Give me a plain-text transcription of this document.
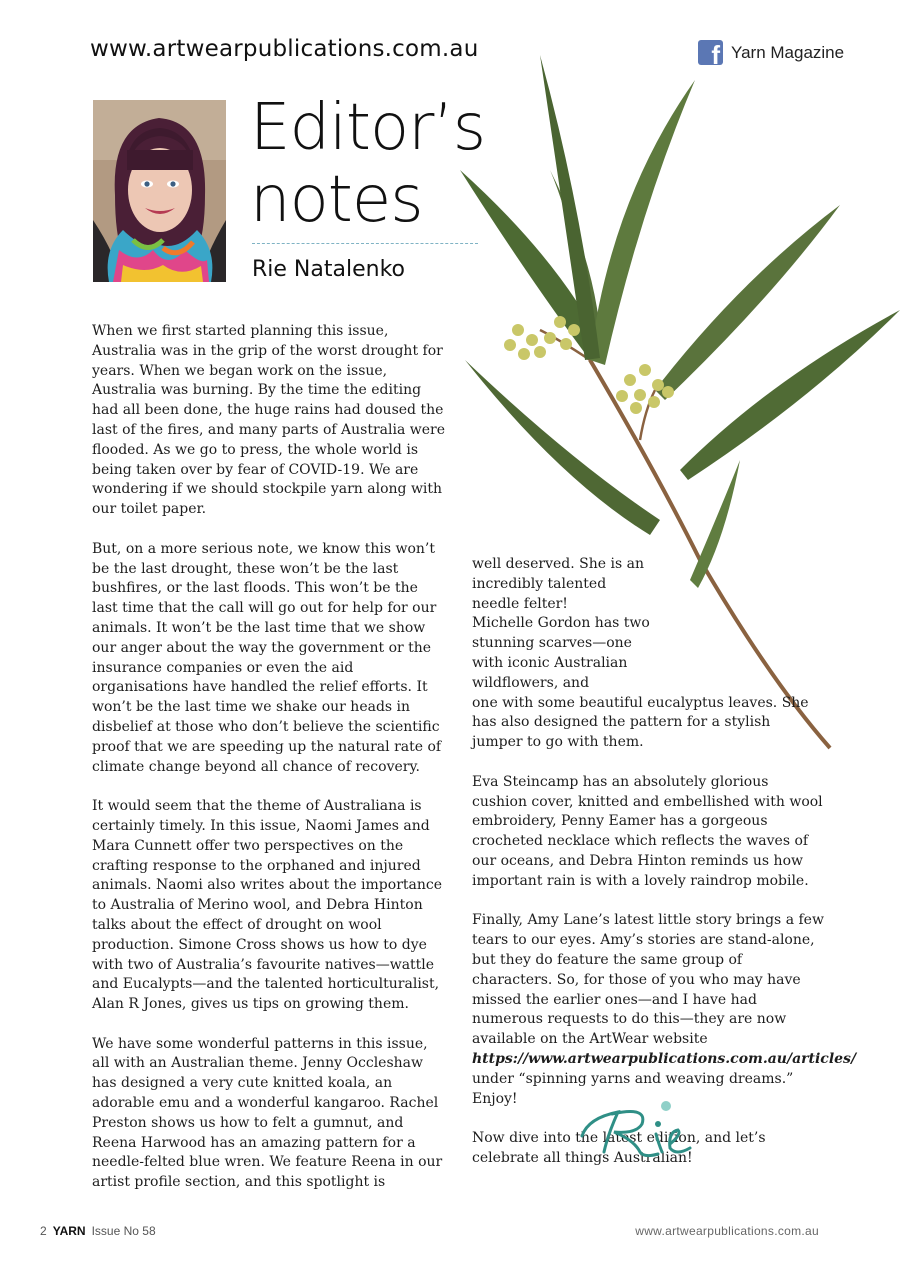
www.artwearpublications.com.au	f Yarn Magazine
Editor’s
notes
Rie Natalenko

When we first started planning this issue, Australia was in the grip of the worst drought for years. When we began work on the issue, Australia was burning. By the time the editing had all been done, the huge rains had doused the last of the fires, and many parts of Australia were flooded. As we go to press, the whole world is being taken over by fear of COVID-19. We are wondering if we should stockpile yarn along with our toilet paper.

But, on a more serious note, we know this won’t be the last drought, these won’t be the last bushfires, or the last floods. This won’t be the last time that the call will go out for help for our animals. It won’t be the last time that we show our anger about the way the government or the insurance companies or even the aid organisations have handled the relief efforts. It won’t be the last time we shake our heads in disbelief at those who don’t believe the scientific proof that we are speeding up the natural rate of climate change beyond all chance of recovery.

It would seem that the theme of Australiana is certainly timely. In this issue, Naomi James and Mara Cunnett offer two perspectives on the crafting response to the orphaned and injured animals. Naomi also writes about the importance to Australia of Merino wool, and Debra Hinton talks about the effect of drought on wool production. Simone Cross shows us how to dye with two of Australia’s favourite natives—wattle and Eucalypts—and the talented horticulturalist, Alan R Jones, gives us tips on growing them.

We have some wonderful patterns in this issue, all with an Australian theme. Jenny Occleshaw has designed a very cute knitted koala, an adorable emu and a wonderful kangaroo. Rachel Preston shows us how to felt a gumnut, and Reena Harwood has an amazing pattern for a needle-felted blue wren. We feature Reena in our artist profile section, and this spotlight is

well deserved. She is an incredibly talented needle felter!

Michelle Gordon has two stunning scarves—one with iconic Australian wildflowers, and

one with some beautiful eucalyptus leaves. She has also designed the pattern for a stylish jumper to go with them.

Eva Steincamp has an absolutely glorious cushion cover, knitted and embellished with wool embroidery, Penny Eamer has a gorgeous crocheted necklace which reflects the waves of our oceans, and Debra Hinton reminds us how important rain is with a lovely raindrop mobile.

Finally, Amy Lane’s latest little story brings a few tears to our eyes. Amy’s stories are stand-alone, but they do feature the same group of characters. So, for those of you who may have missed the earlier ones—and I have had numerous requests to do this—they are now available on the ArtWear website https://www.artwearpublications.com.au/articles/ under “spinning yarns and weaving dreams.” Enjoy!

Now dive into the latest edition, and let’s celebrate all things Australian!

2 YARN Issue No 58	www.artwearpublications.com.au
